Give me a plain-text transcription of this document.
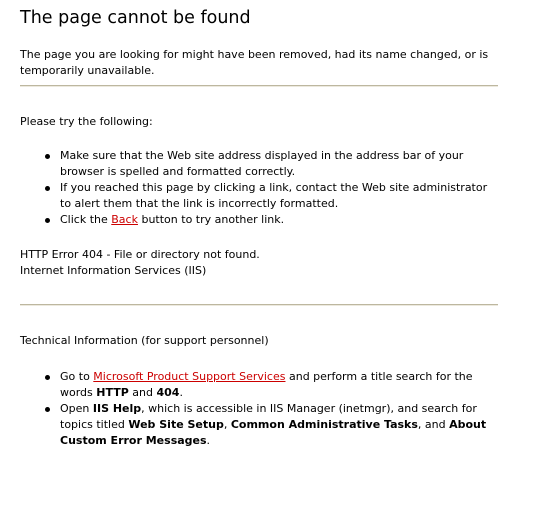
The page cannot be found

The page you are looking for might have been removed, had its name changed, or is temporarily unavailable.

Please try the following:

Make sure that the Web site address displayed in the address bar of your browser is spelled and formatted correctly.
If you reached this page by clicking a link, contact the Web site administrator to alert them that the link is incorrectly formatted.
Click the Back button to try another link.

HTTP Error 404 - File or directory not found.

Internet Information Services (IIS)

Technical Information (for support personnel)

Go to Microsoft Product Support Services and perform a title search for the words HTTP and 404.
Open IIS Help, which is accessible in IIS Manager (inetmgr), and search for topics titled Web Site Setup, Common Administrative Tasks, and About Custom Error Messages.
